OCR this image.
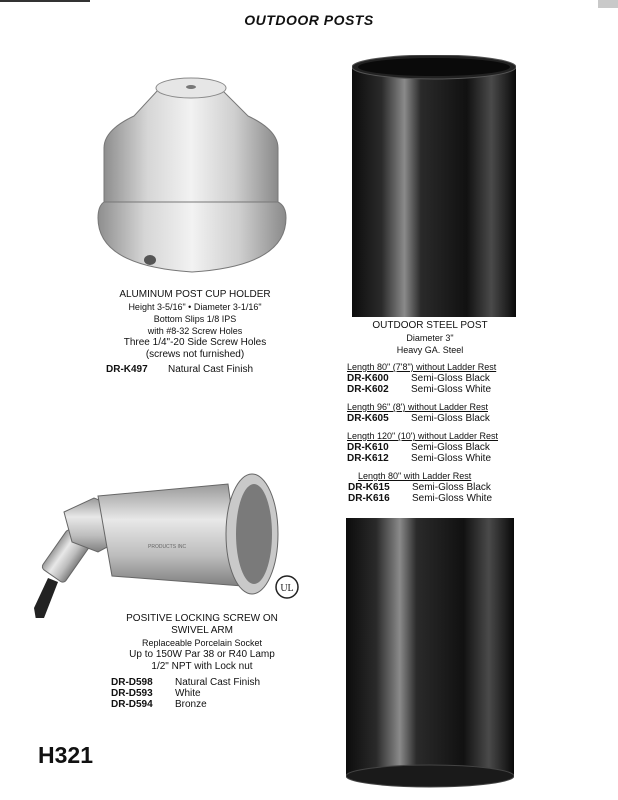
OUTDOOR POSTS
ALUMINUM POST CUP HOLDER
Height 3-5/16" • Diameter 3-1/16"
Bottom Slips 1/8 IPS
with #8-32 Screw Holes
Three 1/4"-20 Side Screw Holes
(screws not furnished)
DR-K497	Natural Cast Finish
PRODUCTS INC
UL
POSITIVE LOCKING SCREW ON
SWIVEL ARM
Replaceable Porcelain Socket
Up to 150W Par 38 or R40 Lamp
1/2" NPT with Lock nut
DR-D598	Natural Cast Finish
DR-D593	White
DR-D594	Bronze
OUTDOOR STEEL POST
Diameter 3"
Heavy GA. Steel
Length 80" (7'8") without Ladder Rest
DR-K600	Semi-Gloss Black
DR-K602	Semi-Gloss White
Length 96" (8') without Ladder Rest
DR-K605	Semi-Gloss Black
Length 120" (10') without Ladder Rest
DR-K610	Semi-Gloss Black
DR-K612	Semi-Gloss White
Length 80" with Ladder Rest
DR-K615	Semi-Gloss Black
DR-K616	Semi-Gloss White
H321
